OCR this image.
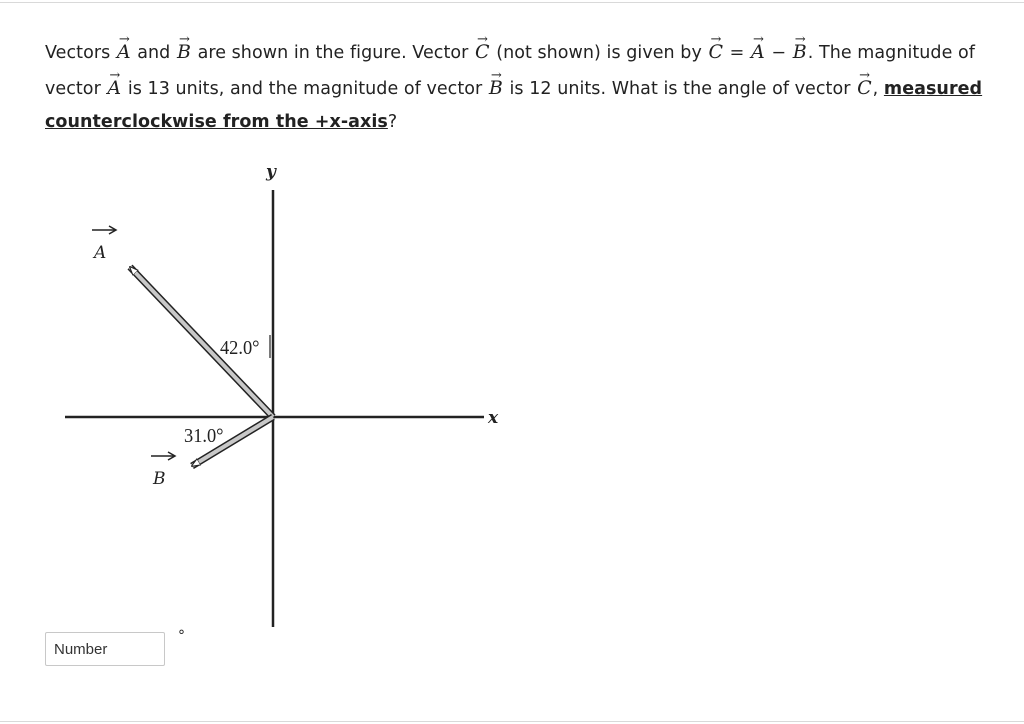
Vectors → A and → B are shown in the figure. Vector → C (not shown) is given by → C = → A − → B. The magnitude of vector → A is 13 units, and the magnitude of vector → B is 12 units. What is the angle of vector → C, measured counterclockwise from the +x-axis?
x
y
42.0°
31.0°
A
B
Number
°
